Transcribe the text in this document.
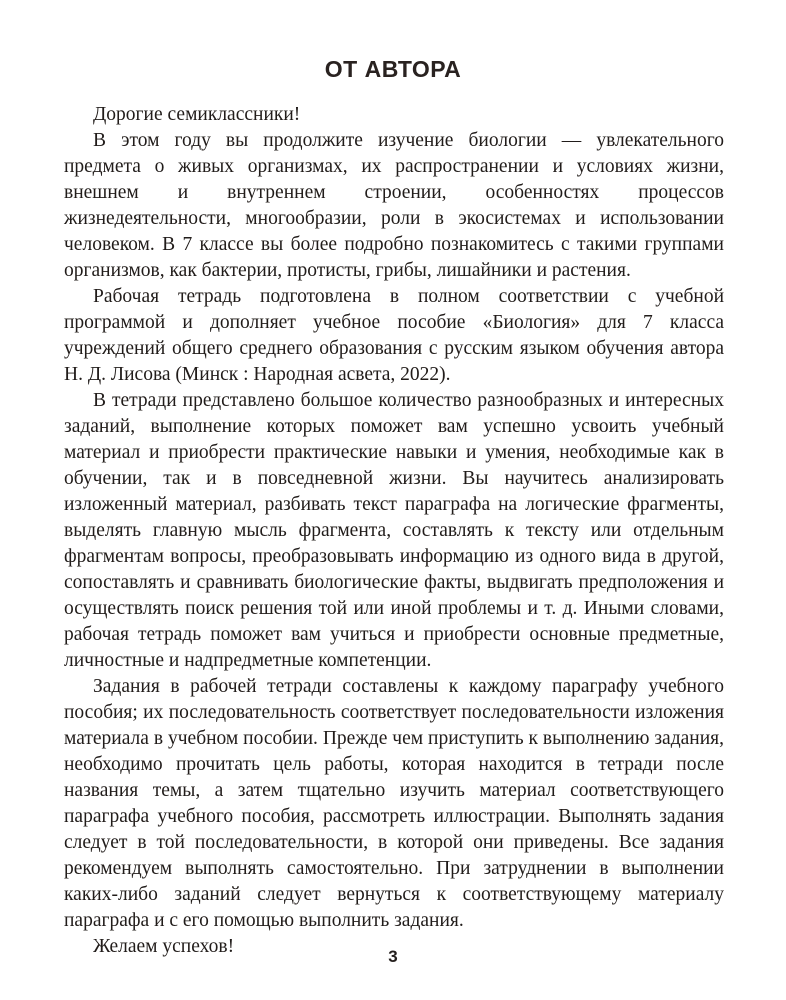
ОТ АВТОРА

Дорогие семиклассники!

В этом году вы продолжите изучение биологии — увлекательного предмета о живых организмах, их распространении и условиях жизни, внешнем и внутреннем строении, особенностях процессов жизнедеятельности, многообразии, роли в экосистемах и использовании человеком. В 7 классе вы более подробно познакомитесь с такими группами организмов, как бактерии, протисты, грибы, лишайники и растения.

Рабочая тетрадь подготовлена в полном соответствии с учебной программой и дополняет учебное пособие «Биология» для 7 класса учреждений общего среднего образования с русским языком обучения автора Н. Д. Лисова (Минск : Народная асвета, 2022).

В тетради представлено большое количество разнообразных и интересных заданий, выполнение которых поможет вам успешно усвоить учебный материал и приобрести практические навыки и умения, необходимые как в обучении, так и в повседневной жизни. Вы научитесь анализировать изложенный материал, разбивать текст параграфа на логические фрагменты, выделять главную мысль фрагмента, составлять к тексту или отдельным фрагментам вопросы, преобразовывать информацию из одного вида в другой, сопоставлять и сравнивать биологические факты, выдвигать предположения и осуществлять поиск решения той или иной проблемы и т. д. Иными словами, рабочая тетрадь поможет вам учиться и приобрести основные предметные, личностные и надпредметные компетенции.

Задания в рабочей тетради составлены к каждому параграфу учебного пособия; их последовательность соответствует последовательности изложения материала в учебном пособии. Прежде чем приступить к выполнению задания, необходимо прочитать цель работы, которая находится в тетради после названия темы, а затем тщательно изучить материал соответствующего параграфа учебного пособия, рассмотреть иллюстрации. Выполнять задания следует в той последовательности, в которой они приведены. Все задания рекомендуем выполнять самостоятельно. При затруднении в выполнении каких-либо заданий следует вернуться к соответствующему материалу параграфа и с его помощью выполнить задания.

Желаем успехов!	3
